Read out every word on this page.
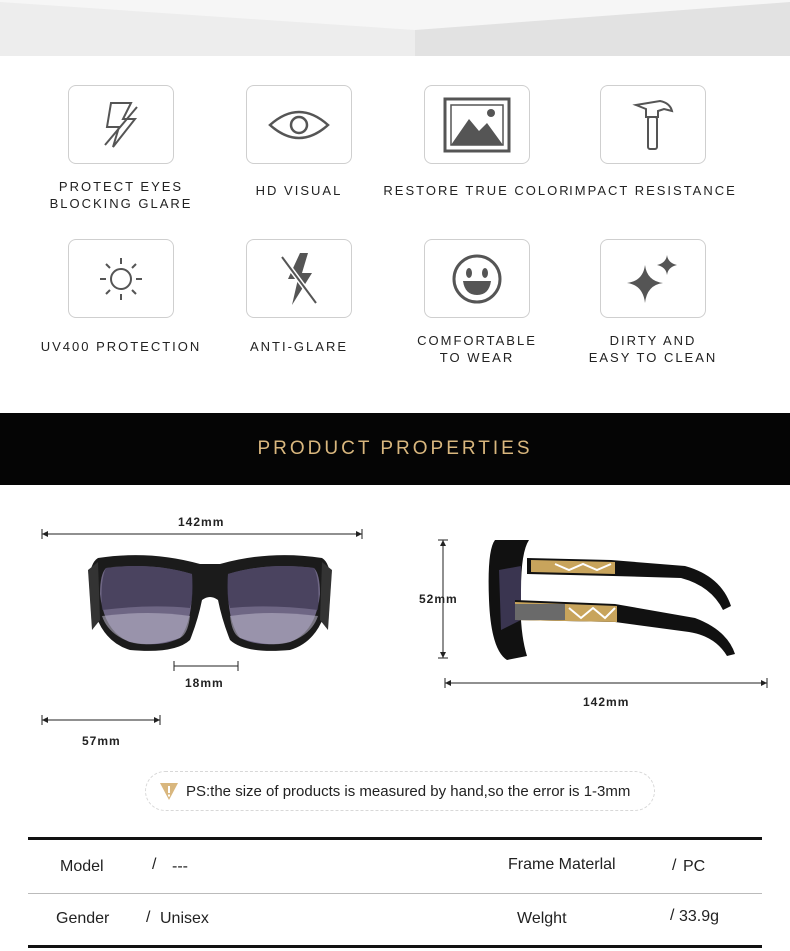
PROTECT EYES
BLOCKING GLARE
HD VISUAL	RESTORE TRUE COLOR
IMPACT RESISTANCE
UV400 PROTECTION	ANTI-GLARE	COMFORTABLE
TO WEAR
DIRTY AND
EASY TO CLEAN
PRODUCT PROPERTIES
142mm
18mm
57mm
52mm
142mm
PS:the size of products is measured by hand,so the error is 1-3mm
Model	/ ---	Frame Materlal	/ PC
Gender / Unisex	Welght	/ 33.9g
